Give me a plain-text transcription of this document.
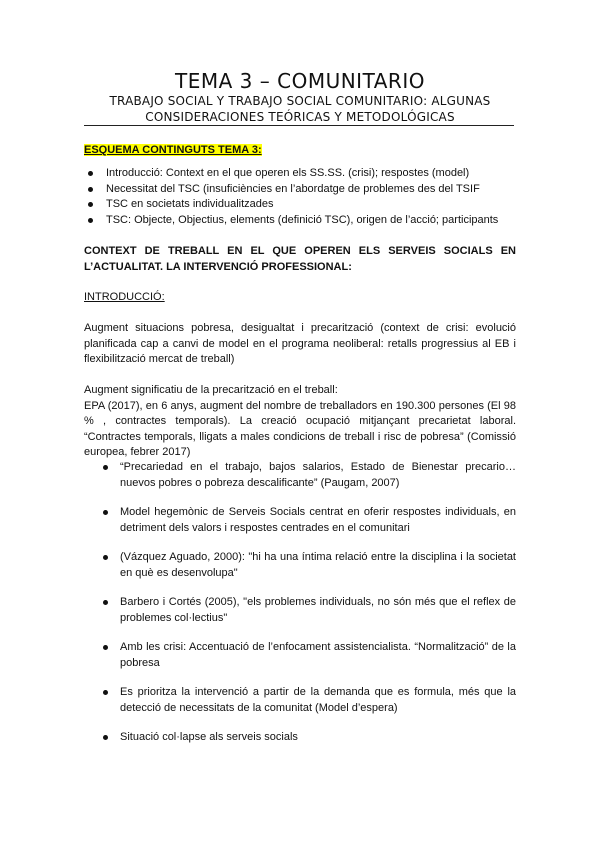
TEMA 3 – COMUNITARIO
TRABAJO SOCIAL Y TRABAJO SOCIAL COMUNITARIO: ALGUNAS CONSIDERACIONES TEÓRICAS Y METODOLÓGICAS
ESQUEMA CONTINGUTS TEMA 3:
Introducció: Context en el que operen els SS.SS. (crisi); respostes (model)
Necessitat del TSC (insuficiències en l’abordatge de problemes des del TSIF
TSC en societats individualitzades
TSC: Objecte, Objectius, elements (definició TSC), origen de l’acció; participants
CONTEXT DE TREBALL EN EL QUE OPEREN ELS SERVEIS SOCIALS EN L’ACTUALITAT. LA INTERVENCIÓ PROFESSIONAL:
INTRODUCCIÓ:
Augment situacions pobresa, desigualtat i precarització (context de crisi: evolució planificada cap a canvi de model en el programa neoliberal: retalls progressius al EB i flexibilització mercat de treball)
Augment significatiu de la precarització en el treball:
EPA (2017), en 6 anys, augment del nombre de treballadors en 190.300 persones (El 98 % , contractes temporals). La creació ocupació mitjançant precarietat laboral. “Contractes temporals, lligats a males condicions de treball i risc de pobresa” (Comissió europea, febrer 2017)
“Precariedad en el trabajo, bajos salarios, Estado de Bienestar precario… nuevos pobres o pobreza descalificante” (Paugam, 2007)
Model hegemònic de Serveis Socials centrat en oferir respostes individuals, en detriment dels valors i respostes centrades en el comunitari
(Vázquez Aguado, 2000): "hi ha una íntima relació entre la disciplina i la societat en què es desenvolupa"
Barbero i Cortés (2005), "els problemes individuals, no són més que el reflex de problemes col·lectius"
Amb les crisi: Accentuació de l’enfocament assistencialista. “Normalització” de la pobresa
Es prioritza la intervenció a partir de la demanda que es formula, més que la detecció de necessitats de la comunitat (Model d’espera)
Situació col·lapse als serveis socials
